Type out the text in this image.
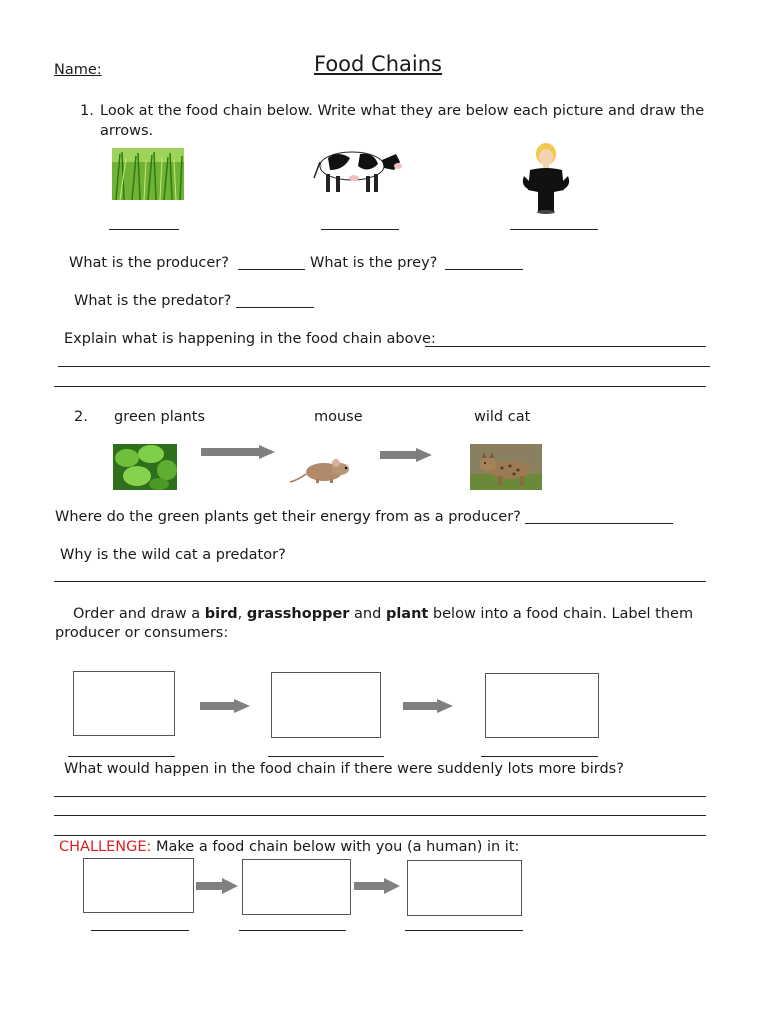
Name:	Food Chains
1. Look at the food chain below. Write what they are below each picture and draw the
arrows.
What is the producer?	What is the prey?
What is the predator?
Explain what is happening in the food chain above:
2. green plants	mouse	wild cat
Where do the green plants get their energy from as a producer?
Why is the wild cat a predator?
Order and draw a bird, grasshopper and plant below into a food chain. Label them
producer or consumers:
What would happen in the food chain if there were suddenly lots more birds?
CHALLENGE: Make a food chain below with you (a human) in it:
